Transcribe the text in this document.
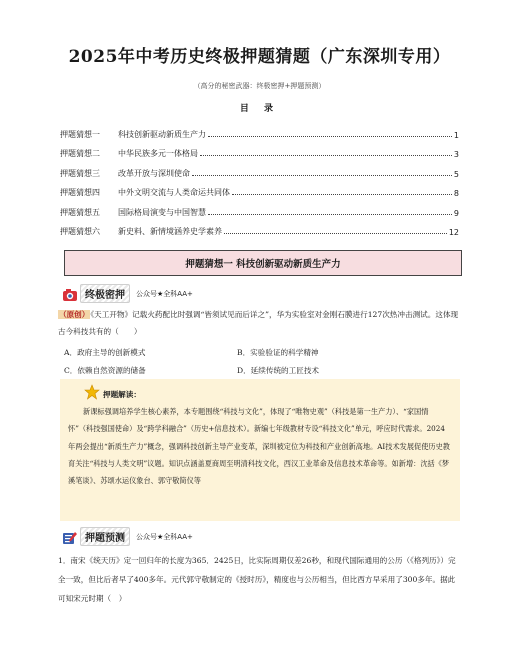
2025年中考历史终极押题猜题（广东深圳专用）
（高分的秘密武器：终极密押+押题预测）
目 录
押题猜想一	科技创新驱动新质生产力	1
押题猜想二	中华民族多元一体格局	3
押题猜想三	改革开放与深圳使命	5
押题猜想四	中外文明交流与人类命运共同体	8
押题猜想五	国际格局演变与中国智慧	9
押题猜想六	新史料、新情境涵养史学素养	12
押题猜想一 科技创新驱动新质生产力
终极密押	公众号★全科AA+
（原创）《天工开物》记载火药配比时强调“皆须试见而后详之”，华为实验室对金刚石膜进行127次热冲击测试。这体现古今科技共有的（　　）
A．政府主导的创新模式	B．实验验证的科学精神
C．依赖自然资源的储备	D．延续传统的工匠技术
押题解读：
新课标强调培养学生核心素养，本专题围绕“科技与文化”，体现了“唯物史观”（科技是第一生产力）、“家国情怀”（科技强国使命）及“跨学科融合”（历史+信息技术）。新编七年级教材专设“科技文化”单元，呼应时代需求。2024年两会提出“新质生产力”概念，强调科技创新主导产业变革，深圳被定位为科技和产业创新高地。AI技术发展促使历史教育关注“科技与人类文明”议题。知识点涵盖夏商周至明清科技文化，西汉工业革命及信息技术革命等。如新增：沈括《梦溪笔谈》、苏颂水运仪象台、郭守敬简仪等
押题预测	公众号★全科AA+
1．南宋《统天历》定一回归年的长度为365．2425日，比实际周期仅差26秒，和现代国际通用的公历（《格列历》）完全一致，但比后者早了400多年。元代郭守敬制定的《授时历》，精度也与公历相当，但比西方早采用了300多年。据此可知宋元时期（　）
